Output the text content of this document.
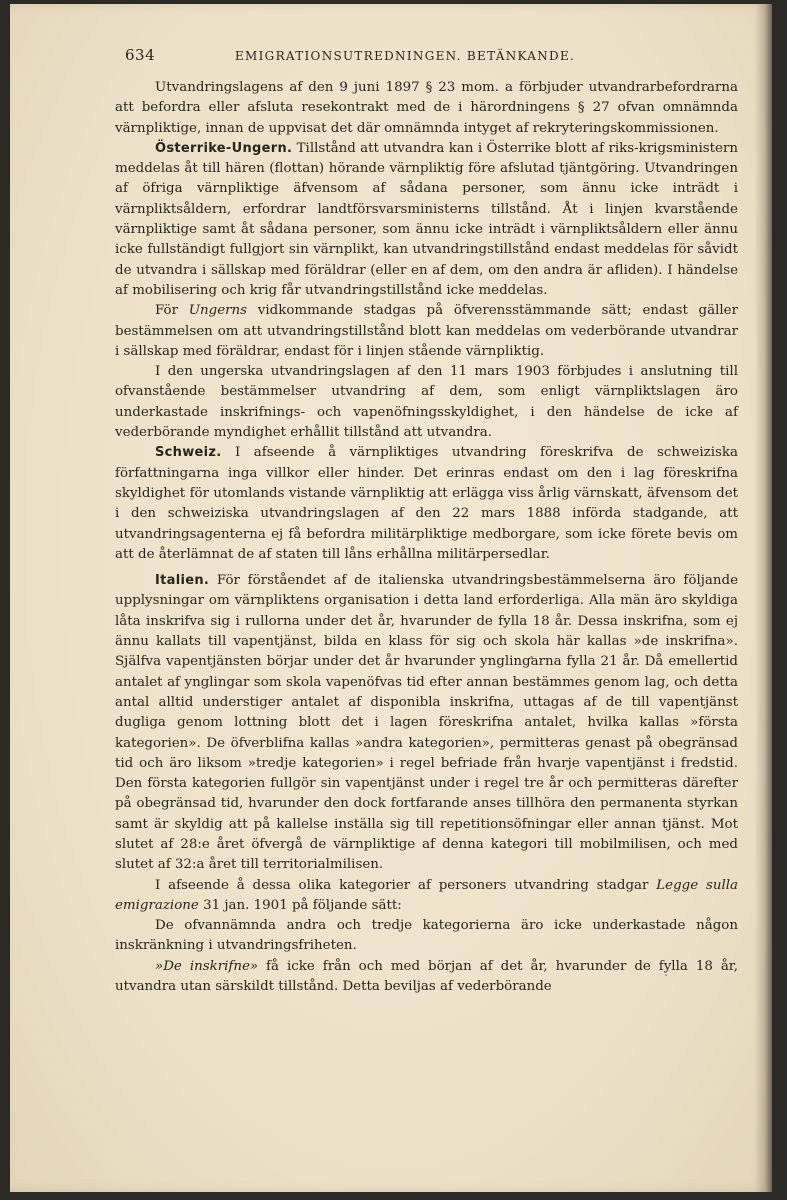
634	EMIGRATIONSUTREDNINGEN. BETÄNKANDE.

Utvandringslagens af den 9 juni 1897 § 23 mom. a förbjuder utvandrarbefordrarna att befordra eller afsluta resekontrakt med de i härordningens § 27 ofvan omnämnda värnpliktige, innan de uppvisat det där omnämnda intyget af rekryteringskommissionen.

Österrike-Ungern. Tillstånd att utvandra kan i Österrike blott af riks-krigsministern meddelas åt till hären (flottan) hörande värnpliktig före afslutad tjäntgöring. Utvandringen af öfriga värnpliktige äfvensom af sådana personer, som ännu icke inträdt i värnpliktsåldern, erfordrar landtförsvarsministerns tillstånd. Åt i linjen kvarstående värnpliktige samt åt sådana personer, som ännu icke inträdt i värnpliktsåldern eller ännu icke fullständigt fullgjort sin värnplikt, kan utvandringstillstånd endast meddelas för såvidt de utvandra i sällskap med föräldrar (eller en af dem, om den andra är afliden). I händelse af mobilisering och krig får utvandringstillstånd icke meddelas.

För Ungerns vidkommande stadgas på öfverensstämmande sätt; endast gäller bestämmelsen om att utvandringstillstånd blott kan meddelas om vederbörande utvandrar i sällskap med föräldrar, endast för i linjen stående värnpliktig.

I den ungerska utvandringslagen af den 11 mars 1903 förbjudes i anslutning till ofvanstående bestämmelser utvandring af dem, som enligt värnpliktslagen äro underkastade inskrifnings- och vapenöfningsskyldighet, i den händelse de icke af vederbörande myndighet erhållit tillstånd att utvandra.

Schweiz. I afseende å värnpliktiges utvandring föreskrifva de schweiziska författningarna inga villkor eller hinder. Det erinras endast om den i lag föreskrifna skyldighet för utomlands vistande värnpliktig att erlägga viss årlig värnskatt, äfvensom det i den schweiziska utvandringslagen af den 22 mars 1888 införda stadgande, att utvandringsagenterna ej få befordra militärpliktige medborgare, som icke förete bevis om att de återlämnat de af staten till låns erhållna militärpersedlar.

Italien. För förståendet af de italienska utvandringsbestämmelserna äro följande upplysningar om värnpliktens organisation i detta land erforderliga. Alla män äro skyldiga låta inskrifva sig i rullorna under det år, hvarunder de fylla 18 år. Dessa inskrifna, som ej ännu kallats till vapentjänst, bilda en klass för sig och skola här kallas »de inskrifna». Själfva vapentjänsten börjar under det år hvarunder ynglingarna fylla 21 år. Då emellertid antalet af ynglingar som skola vapenöfvas tid efter annan bestämmes genom lag, och detta antal alltid understiger antalet af disponibla inskrifna, uttagas af de till vapentjänst dugliga genom lottning blott det i lagen föreskrifna antalet, hvilka kallas »första kategorien». De öfverblifna kallas »andra kategorien», permitteras genast på obegränsad tid och äro liksom »tredje kategorien» i regel befriade från hvarje vapentjänst i fredstid. Den första kategorien fullgör sin vapentjänst under i regel tre år och permitteras därefter på obegränsad tid, hvarunder den dock fortfarande anses tillhöra den permanenta styrkan samt är skyldig att på kallelse inställa sig till repetitionsöfningar eller annan tjänst. Mot slutet af 28:e året öfvergå de värnpliktige af denna kategori till mobilmilisen, och med slutet af 32:a året till territorialmilisen.

I afseende å dessa olika kategorier af personers utvandring stadgar Legge sulla emigrazione 31 jan. 1901 på följande sätt:

De ofvannämnda andra och tredje kategorierna äro icke underkastade någon inskränkning i utvandringsfriheten.

»De inskrifne» få icke från och med början af det år, hvarunder de fylla 18 år, utvandra utan särskildt tillstånd. Detta beviljas af vederbörande
